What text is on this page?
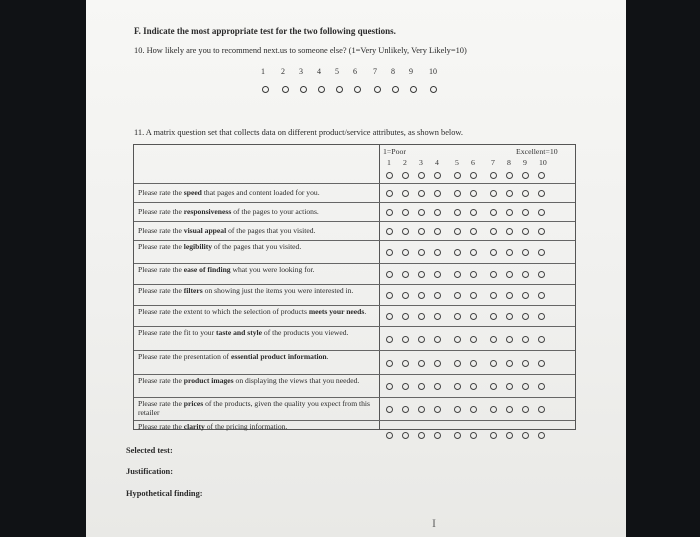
F. Indicate the most appropriate test for the two following questions.
10. How likely are you to recommend next.us to someone else? (1=Very Unlikely, Very Likely=10)
1 2 3 4 5 6 7 8 9 10
11. A matrix question set that collects data on different product/service attributes, as shown below.
1=Poor	Excellent=10
1 2 3 4 5 6 7 8 9 10
Please rate the speed that pages and content loaded for you.
Please rate the responsiveness of the pages to your actions.
Please rate the visual appeal of the pages that you visited.
Please rate the legibility of the pages that you visited.
Please rate the ease of finding what you were looking for.
Please rate the filters on showing just the items you were interested in.
Please rate the extent to which the selection of products meets your needs.
Please rate the fit to your taste and style of the products you viewed.
Please rate the presentation of essential product information.
Please rate the product images on displaying the views that you needed.
Please rate the prices of the products, given the quality you expect from this retailer
Please rate the clarity of the pricing information.
Selected test:
Justification:
Hypothetical finding:
I
